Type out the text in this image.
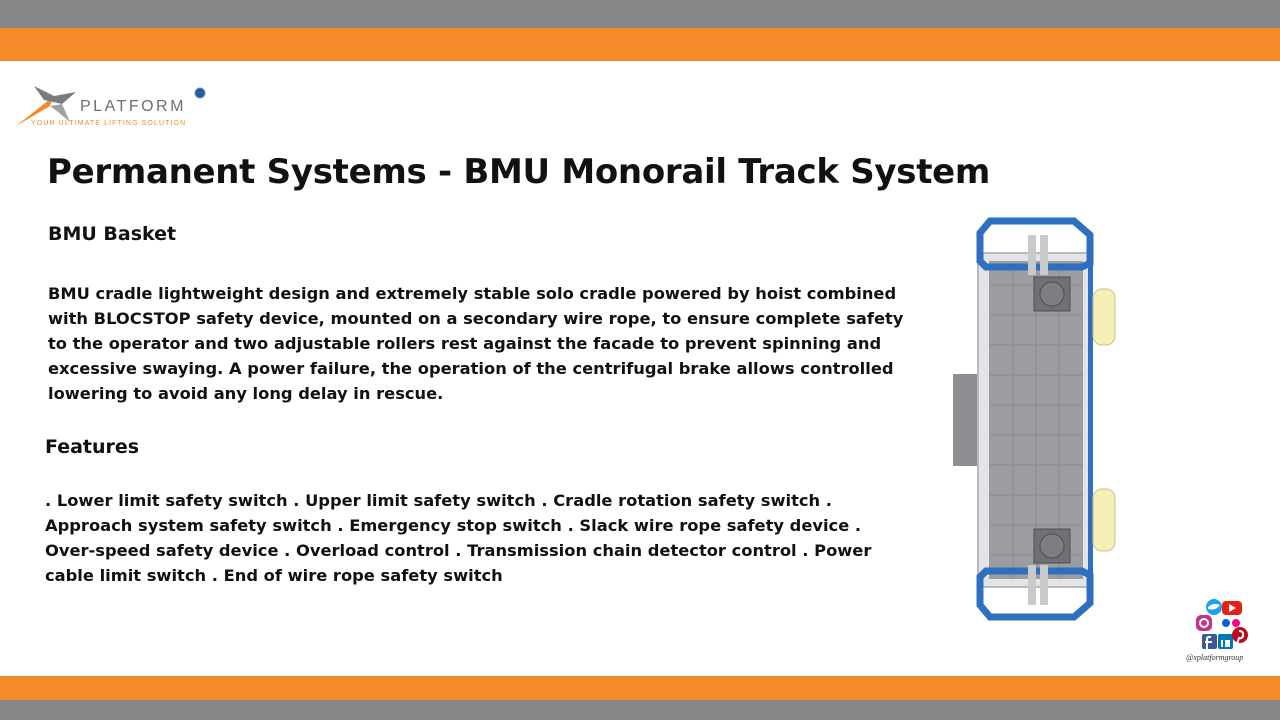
PLATFORM
YOUR ULTIMATE LIFTING SOLUTION
Permanent Systems - BMU Monorail Track System
BMU Basket

BMU cradle lightweight design and extremely stable solo cradle powered by hoist combined with BLOCSTOP safety device, mounted on a secondary wire rope, to ensure complete safety to the operator and two adjustable rollers rest against the facade to prevent spinning and excessive swaying. A power failure, the operation of the centrifugal brake allows controlled lowering to avoid any long delay in rescue.

Features

. Lower limit safety switch . Upper limit safety switch . Cradle rotation safety switch . Approach system safety switch . Emergency stop switch . Slack wire rope safety device . Over-speed safety device . Overload control . Transmission chain detector control . Power cable limit switch . End of wire rope safety switch

@xplatformgroup
